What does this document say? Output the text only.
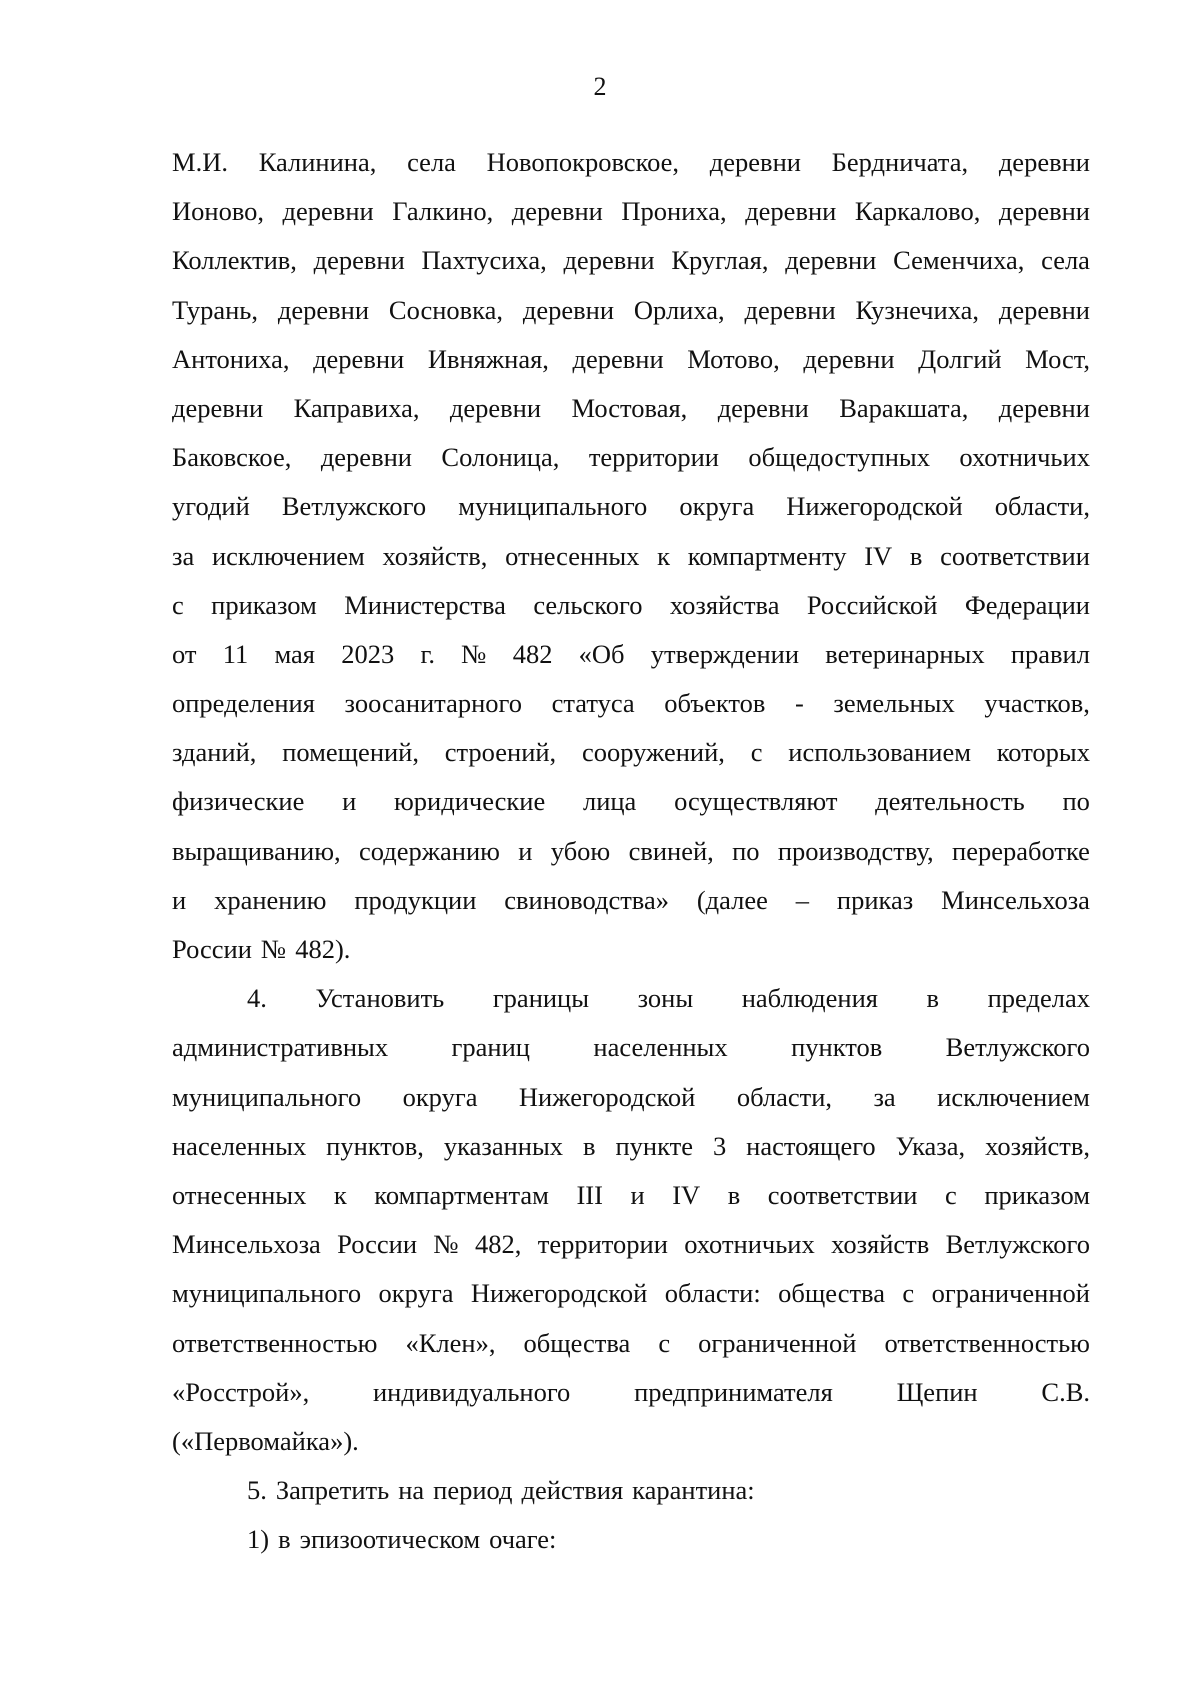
2
М.И. Калинина, села Новопокровское, деревни Бердничата, деревни
Ионово, деревни Галкино, деревни Прониха, деревни Каркалово, деревни
Коллектив, деревни Пахтусиха, деревни Круглая, деревни Семенчиха, села
Турань, деревни Сосновка, деревни Орлиха, деревни Кузнечиха, деревни
Антониха, деревни Ивняжная, деревни Мотово, деревни Долгий Мост,
деревни Каправиха, деревни Мостовая, деревни Варакшата, деревни
Баковское, деревни Солоница, территории общедоступных охотничьих
угодий Ветлужского муниципального округа Нижегородской области,
за исключением хозяйств, отнесенных к компартменту IV в соответствии
с приказом Министерства сельского хозяйства Российской Федерации
от 11 мая 2023 г. № 482 «Об утверждении ветеринарных правил
определения зоосанитарного статуса объектов - земельных участков,
зданий, помещений, строений, сооружений, с использованием которых
физические и юридические лица осуществляют деятельность по
выращиванию, содержанию и убою свиней, по производству, переработке
и хранению продукции свиноводства» (далее – приказ Минсельхоза
России № 482).
4. Установить границы зоны наблюдения в пределах
административных границ населенных пунктов Ветлужского
муниципального округа Нижегородской области, за исключением
населенных пунктов, указанных в пункте 3 настоящего Указа, хозяйств,
отнесенных к компартментам III и IV в соответствии с приказом
Минсельхоза России № 482, территории охотничьих хозяйств Ветлужского
муниципального округа Нижегородской области: общества с ограниченной
ответственностью «Клен», общества с ограниченной ответственностью
«Росстрой», индивидуального предпринимателя Щепин С.В.
(«Первомайка»).
5. Запретить на период действия карантина:
1) в эпизоотическом очаге:
